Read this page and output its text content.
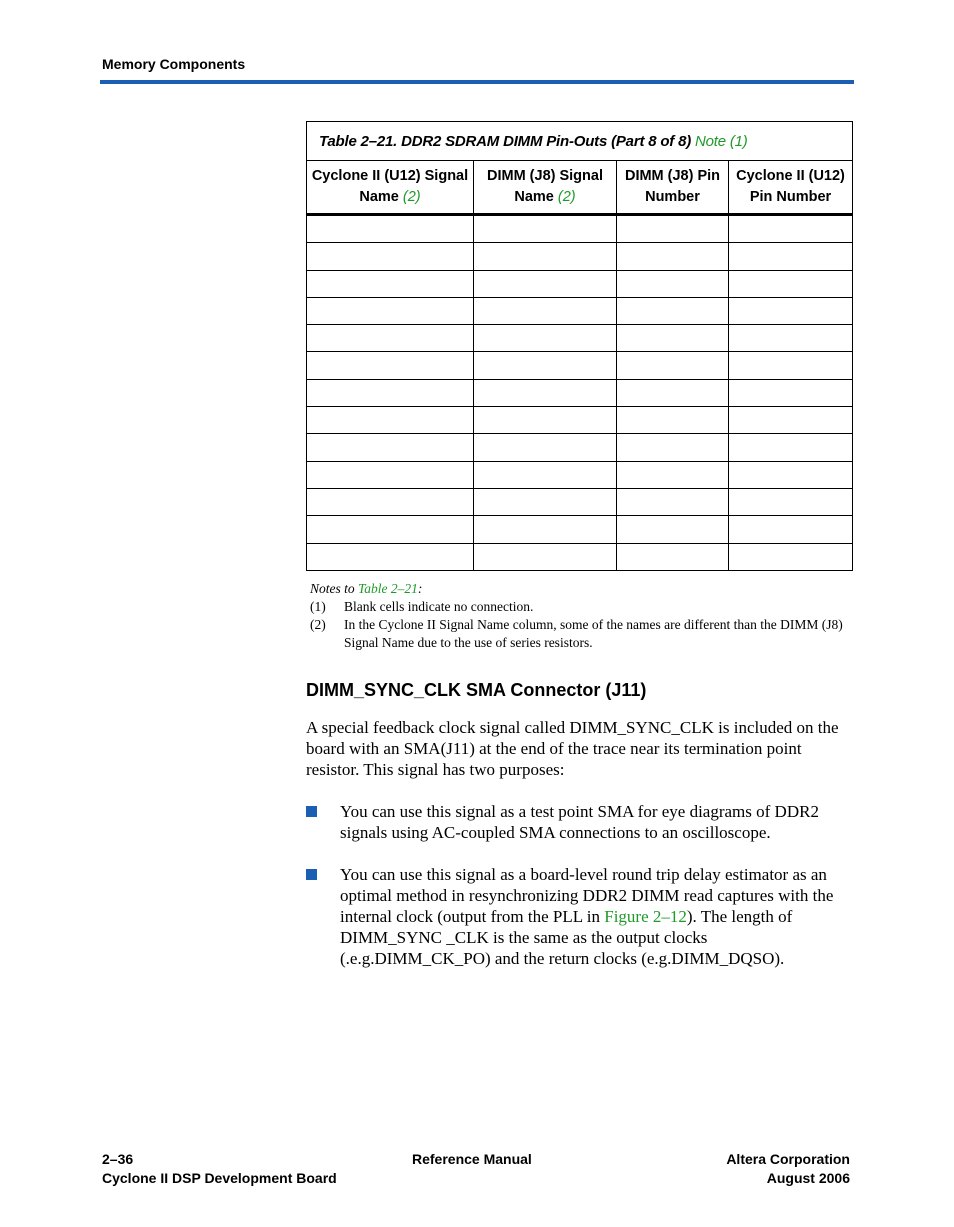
Memory Components
Table 2–21. DDR2 SDRAM DIMM Pin-Outs (Part 8 of 8) Note (1)			
Cyclone II (U12) Signal Name (2)	DIMM (J8) Signal Name (2)	DIMM (J8) Pin Number	Cyclone II (U12) Pin Number

Notes to Table 2–21:
(1)	Blank cells indicate no connection.
(2)	In the Cyclone II Signal Name column, some of the names are different than the DIMM (J8) Signal Name due to the use of series resistors.
DIMM_SYNC_CLK SMA Connector (J11)

A special feedback clock signal called DIMM_SYNC_CLK is included on the board with an SMA(J11) at the end of the trace near its termination point resistor. This signal has two purposes:

You can use this signal as a test point SMA for eye diagrams of DDR2 signals using AC-coupled SMA connections to an oscilloscope.
You can use this signal as a board-level round trip delay estimator as an optimal method in resynchronizing DDR2 DIMM read captures with the internal clock (output from the PLL in Figure 2–12). The length of DIMM_SYNC _CLK is the same as the output clocks (.e.g.DIMM_CK_PO) and the return clocks (e.g.DIMM_DQSO).
2–36
Cyclone II DSP Development Board
Reference Manual	Altera Corporation
August 2006
